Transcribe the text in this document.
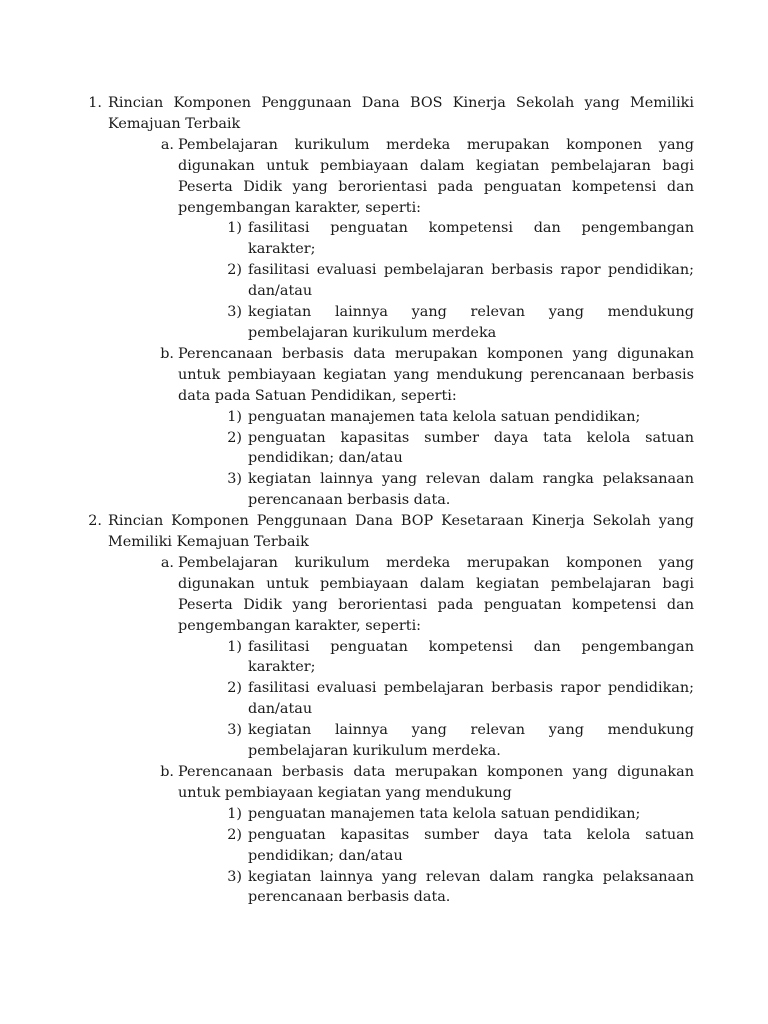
1. Rincian Komponen Penggunaan Dana BOS Kinerja Sekolah yang Memiliki Kemajuan Terbaik

a. Pembelajaran kurikulum merdeka merupakan komponen yang digunakan untuk pembiayaan dalam kegiatan pembelajaran bagi Peserta Didik yang berorientasi pada penguatan kompetensi dan pengembangan karakter, seperti:

1) fasilitasi penguatan kompetensi dan pengembangan karakter;

2) fasilitasi evaluasi pembelajaran berbasis rapor pendidikan; dan/atau

3) kegiatan lainnya yang relevan yang mendukung pembelajaran kurikulum merdeka

b. Perencanaan berbasis data merupakan komponen yang digunakan untuk pembiayaan kegiatan yang mendukung perencanaan berbasis data pada Satuan Pendidikan, seperti:

1) penguatan manajemen tata kelola satuan pendidikan;

2) penguatan kapasitas sumber daya tata kelola satuan pendidikan; dan/atau

3) kegiatan lainnya yang relevan dalam rangka pelaksanaan perencanaan berbasis data.

2. Rincian Komponen Penggunaan Dana BOP Kesetaraan Kinerja Sekolah yang Memiliki Kemajuan Terbaik

a. Pembelajaran kurikulum merdeka merupakan komponen yang digunakan untuk pembiayaan dalam kegiatan pembelajaran bagi Peserta Didik yang berorientasi pada penguatan kompetensi dan pengembangan karakter, seperti:

1) fasilitasi penguatan kompetensi dan pengembangan karakter;

2) fasilitasi evaluasi pembelajaran berbasis rapor pendidikan; dan/atau

3) kegiatan lainnya yang relevan yang mendukung pembelajaran kurikulum merdeka.

b. Perencanaan berbasis data merupakan komponen yang digunakan untuk pembiayaan kegiatan yang mendukung

1) penguatan manajemen tata kelola satuan pendidikan;

2) penguatan kapasitas sumber daya tata kelola satuan pendidikan; dan/atau

3) kegiatan lainnya yang relevan dalam rangka pelaksanaan perencanaan berbasis data.
